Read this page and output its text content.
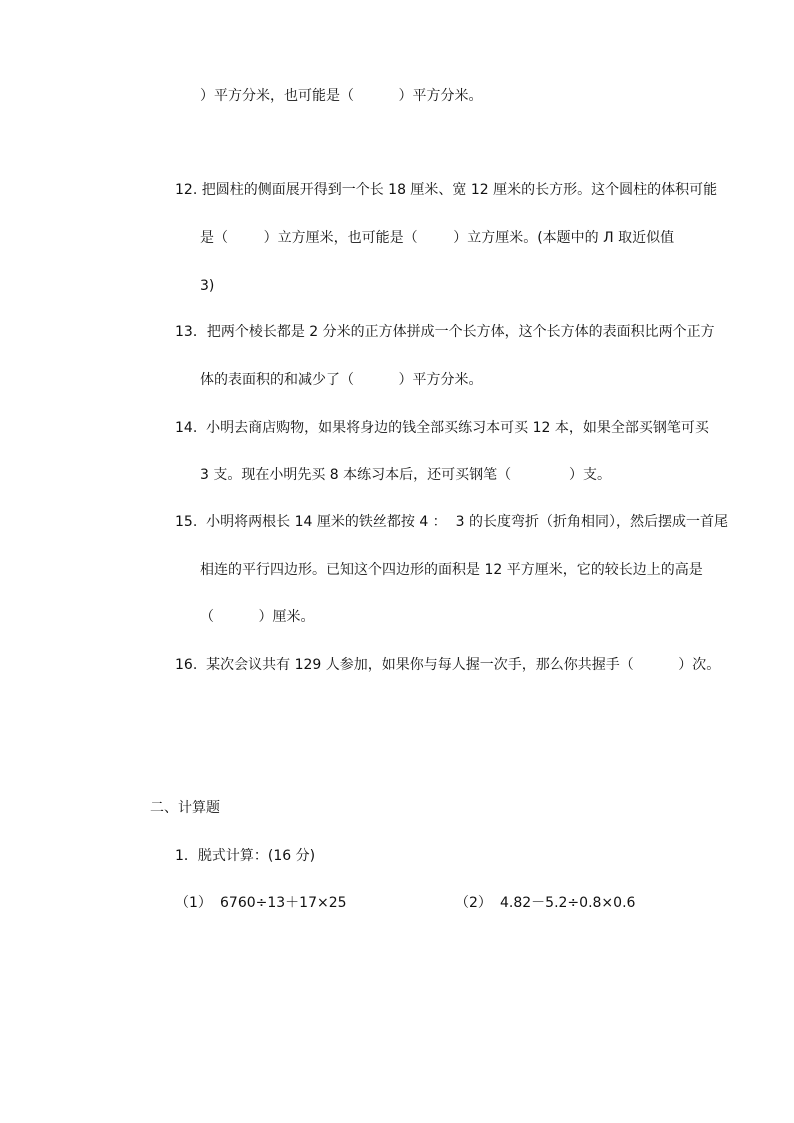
）平方分米，也可能是（          ）平方分米。
12. 把圆柱的侧面展开得到一个长 18 厘米、宽 12 厘米的长方形。这个圆柱的体积可能
是（        ）立方厘米，也可能是（        ）立方厘米。(本题中的 Л 取近似值
3)
13．把两个棱长都是 2 分米的正方体拼成一个长方体，这个长方体的表面积比两个正方
体的表面积的和减少了（          ）平方分米。
14.  小明去商店购物，如果将身边的钱全部买练习本可买 12 本，如果全部买钢笔可买
3 支。现在小明先买 8 本练习本后，还可买钢笔（             ）支。
15.  小明将两根长 14 厘米的铁丝都按 4 ：  3 的长度弯折（折角相同），然后摆成一首尾
相连的平行四边形。已知这个四边形的面积是 12 平方厘米，它的较长边上的高是
（          ）厘米。
16.  某次会议共有 129 人参加，如果你与每人握一次手，那么你共握手（          ）次。
二、计算题
1．脱式计算：(16 分)
（1） 6760÷13＋17×25	（2） 4.82－5.2÷0.8×0.6
